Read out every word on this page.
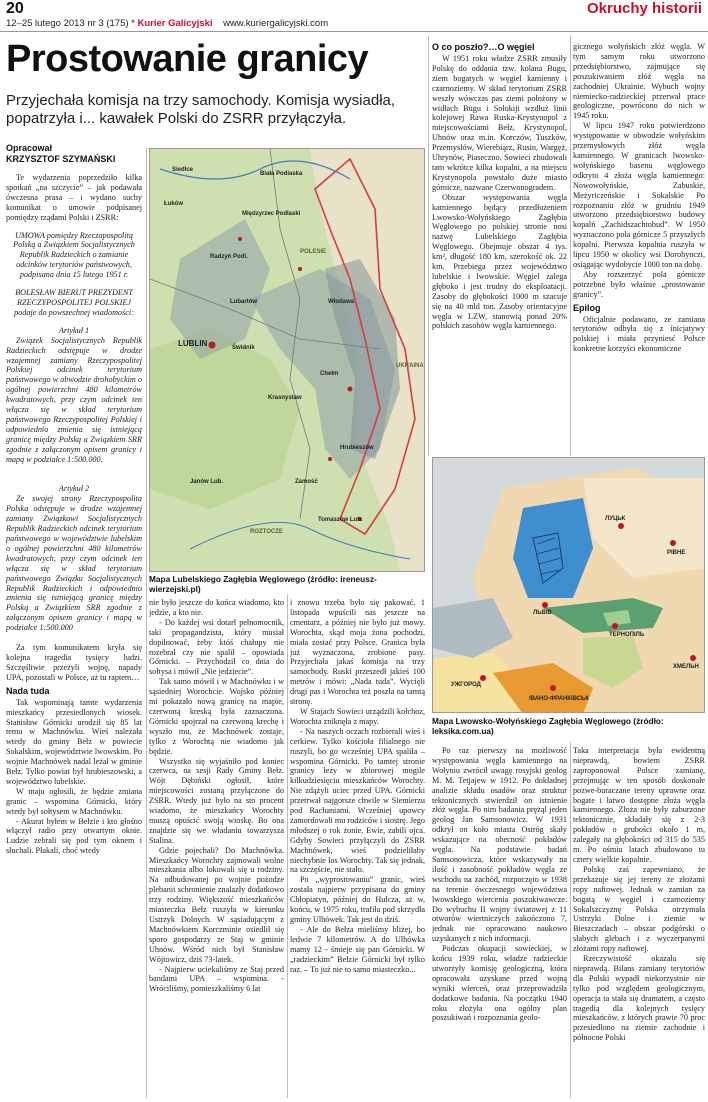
20
12–25 lutego 2013 nr 3 (175) * Kurier Galicyjski www.kuriergalicyjski.com
Okruchy historii
Prostowanie granicy
Przyjechała komisja na trzy samochody. Komisja wysiadła, popatrzyła i... kawałek Polski do ZSRR przyłączyła.
Opracował
KRZYSZTOF SZYMAŃSKI

Te wydarzenia poprzedziło kilka spotkań „na szczycie” – jak podawała ówczesna prasa – i wydano suchy komunikat o umowie podpisanej pomiędzy rządami Polski i ZSRR:

UMOWA pomiędzy Rzeczapospolitą Polską a Związkiem Socjalistycznych Republik Radzieckich o zamianie odcinków terytoriów państwowych, podpisana dnia 15 lutego 1951 r.

BOLESŁAW BIERUT PREZYDENT RZECZYPOSPOLITEJ POLSKIEJ podaje do powszechnej wiadomości:

Artykuł 1

Związek Socjalistycznych Republik Radzieckich odstępuje w drodze wzajemnej zamiany Rzeczypospolitej Polskiej odcinek terytorium państwowego w obwodzie drohobyckim o ogólnej powierzchni 480 kilometrów kwadratowych, przy czym odcinek ten włącza się w skład terytorium państwowego Rzeczypospolitej Polskiej i odpowiednio zmienia się istniejącą granicę między Polską a Związkiem SRR zgodnie z załączonym opisem granicy i mapą w podziałce 1:500.000.

Artykuł 2

Ze swojej strony Rzeczypospolita Polska odstępuje w drodze wzajemnej zamiany Związkowi Socjalistycznych Republik Radzieckich odcinek terytorium państwowego w województwie lubelskim o ogólnej powierzchni 480 kilometrów kwadratowych, przy czym odcinek ten włącza się w skład terytorium państwowego Związku Socjalistycznych Republik Radzieckich i odpowiednio zmienia się istniejącą granicę między Polską a Związkiem SRR zgodnie z załączonym opisem granicy i mapą w podziałce 1:500.000

Za tym komunikatem kryła się kolejna tragedia tysięcy ludzi. Szczęśliwie przeżyli wojnę, napady UPA, pozostali w Polsce, aż tu raptem…

Nada tuda

Tak wspominają tamte wydarzenia mieszkańcy przesiedlonych wiosek. Stanisław Górnicki urodził się 85 lat temu w Machnówku. Wieś należała wtedy do gminy Bełz w powiecie Sokalskim, województwie lwowskim. Po wojnie Machnówek nadal leżał w gminie Bełz. Tylko powiat był hrubieszowski, a województwo lubelskie.

W maju ogłosili, że będzie zmiana granic – wspomina Górnicki, który wtedy był sołtysem w Machnówku.

- Akurat byłem w Bełzie i kto głośno włączył radio przy otwartym oknie. Ludzie zebrali się pod tym oknem i słuchali. Płakali, choć wtedy

Siedlce
Biała Podlaska
Łuków
Międzyrzec Podlaski
Radzyń Podl.
Włodawa
Lubartów
LUBLIN	Świdnik
Chełm
Krasnystaw
Janów Lub.	Zamość
Hrubieszów
Tomaszów Lub.
UKRAINA
POLESIE
ROZTOCZE
Mapa Lubelskiego Zagłębia Węglowego (źródło: ireneusz-wierzejski.pl)

nie było jeszcze do końca wiadomo, kto jedzie, a kto nie.

- Do każdej wsi dotarł pełnomocnik, taki propagandzista, który musiał dopilnować, żeby któś chałupy nie rozebrał czy nie spalił – opowiada Górnicki. – Przychodził co dnia do sołtysa i mówił „Nie jedziecie”.

Tak samo mówił i w Machnówku i w sąsiedniej Worochcie. Wojsko później mi pokazało nową granicę na mapie, czerwoną kreską była zaznaczona. Górnicki spojrzał na czerwoną krechę i wyszło mu, że Machnówek zostaje, tylko z Worochtą nie wiadomo jak będzie.

Wszystko się wyjaśniło pod koniec czerwca, na sesji Rady Gminy Bełz. Wójt Dębiński ogłosił, które miejscowości zostaną przyłączone do ZSRR. Wtedy już było na sto procent wiadomo, że mieszkańcy Worochty muszą opuścić swoją wioskę. Bo ona znajdzie się we władaniu towarzysza Stalina.

Gdzie pojechali? Do Machnówka. Mieszkańcy Worochty zajmowali wolne mieszkania albo lokowali się u rodziny. Na odbudowanej po wojnie pożodze plebanii schronienie znalazły dodatkowo trzy rodziny. Większość mieszkańców miasteczka Bełz ruszyła w kierunku Ustrzyk Dolnych. W sąsiadującym z Machnówkiem Korczminie osiedlił się sporo gospodarzy ze Staj w gminie Uhnów. Wśród nich był Stanisław Wójtowicz, dziś 73-latek.

- Najpierw uciekaliśmy ze Staj przed bandami UPA – wspomina. - Wróciliśmy, pomieszkaliśmy 6 lat

i znowu trzeba było się pakować. 1 listopada wpuścili nas jeszcze na cmentarz, a później nie było już mowy. Worochta, skąd moja żona pochodzi, miała zostać przy Polsce. Granica była już wyznaczona, zrobione pasy. Przyjechała jakaś komisja na trzy samochody. Ruski przeszedł jakieś 100 metrów i mówi: „Nada tuda”. Wycięli drugi pas i Worochta też poszła na tamtą stronę.

W Stajach Sowieci urządzili kołchoz, Worochta zniknęła z mapy.

- Na naszych oczach rozbierali wieś i cerkiew. Tylko kościoła filialnego nie ruszyli, bo go wcześniej UPA spaliła – wspomina Górnicki. Po tamtej stronie granicy leży w zbiorowej mogile kilkudziesięciu mieszkańców Worochty. Nie zdążyli uciec przed UPA. Górnicki przetrwał najgorsze chwile w Siemierzu pod Rachaniami. Wcześniej upowcy zamordowali mu rodziców i siostrę. Jego młodszej o rok żonie, Ewie, zabili ojca. Gdyby Sowieci przyłączyli do ZSRR Machnówek, wieś podzieliłaby niechybnie los Worochty. Tak się jednak, na szczęście, nie stało.

Po „wyprostowaniu” granic, wieś została najpierw przypisana do gminy Chłopiatyn, później do Hulcza, aż w, końcu, w 1975 roku, trafiła pod skrzydła gminy Ulhówek. Tak jest do dziś.

- Ale do Bełza mieliśmy bliżej, bo ledwie 7 kilometrów. A do Ulhówka mamy 12 - śmieje się pan Górnicki. W „radzieckim” Bełzie Górnicki był tylko raz. – To już nie to samo miasteczko...

O co poszło?…O węgiel

W 1951 roku władze ZSRR zmusiły Polskę do oddania tzw. kolana Bugu, ziem bogatych w węgiel kamienny i czarnoziemy. W skład terytorium ZSRR weszły wówczas pas ziemi położony w widłach Bugu i Sołokiji wzdłuż linii kolejowej Rawa Ruska-Krystynopol z miejscowościami Bełz, Krystynopol, Uhnów oraz m.in. Korczów, Tuszków, Przemysłów, Wierebiąrz, Rusin, Wargęż, Uhrynów, Piaseczno. Sowieci zbudowali tam wkrótce kilka kopalni, a na miejscu Krystynopola powstało duże miasto górnicze, nazwane Czerwonogradem.

Obszar występowania węgla kamiennego będący przedłużeniem Lwowsko-Wołyńskiego Zagłębia Węglowego po polskiej stronie nosi nazwę Lubelskiego Zagłębia Węglowego. Obejmuje obszar 4 tys. km², długość 180 km, szerokość ok. 22 km. Przebiega przez województwo lubelskie i lwowskie. Węgiel zalega głęboko i jest trudny do eksploatacji. Zasoby do głębokości 1000 m szacuje się na 40 mld ton. Zasoby orientacyjne węgla w LZW, stanowią ponad 20% polskich zasobów węgla kamiennego.

gicznego wołyńskich złóż węgla. W tym samym roku utworzono przedsiębiorstwo, zajmujące się poszukiwaniem złóż węgla na zachodniej Ukrainie. Wybuch wojny niemiecko-radzieckiej przerwał prace geologiczne, powrócono do nich w 1945 roku.

W lipcu 1947 roku potwierdzono występowanie w obwodzie wołyńskim przemysłowych złóż węgla kamiennego. W granicach lwowsko-wołyńskiego basenu węglowego odkryto 4 złoża węgla kamiennego: Nowowołyńskie, Zabuskie, Meżyriczeńskie i Sokalskie Po rozpoznaniu złóż w grudniu 1949 utworzono przedsiębiorstwo budowy kopalń „Zachidszachtobud”. W 1950 wyznaczono pola górnicze 5 przyszłych kopalni. Pierwsza kopalnia ruszyła w lipcu 1950 w okolicy wsi Dorohynczi, osiągając wydobycie 1000 ton na dobę.

Aby rozszerzyć pola górnicze potrzebne było właśnie „prostowanie granicy”.

Epilog

Oficjalnie podawano, ze zamiana terytoriów odbyła się z inicjatywy polskiej i miała przyniesć Polsce konkretne korzyści ekonomiczne

ЛУЦЬК
РІВНЕ
ЛЬВІВ
ТЕРНОПІЛЬ
ХМЕЛЬН
УЖГОРОД
ІВАНО-ФРАНКІВСЬК
Mapa Lwowsko-Wołyńskiego Zagłębia Węglowego (źródło: leksika.com.ua)

Po raz pierwszy na możliwość występowania węgla kamiennego na Wołyniu zwrócił uwagę rosyjski geolog M. M. Tetjajew w 1912. Po dokładnej analizie składu osadów oraz struktur tektonicznych stwierdził on istnienie złóż węgla. Po nim badania prężąl jeden geolog Jan Samsonowicz. W 1931 odkrył on koło miasta Ostróg skały wskazujące na obecność pokładów węgla. Na podstawie badań Samsonowicza, które wskazywały na ilość i zasobność pokładów węgla ze wschodu na zachód, rozpoczęto w 1938 na terenie ówczesnego województwa lwowskiego wiercenia poszukiwawcze. Do wybuchu II wojny światowej z 11 otworów wiertniczych zakończono 7, jednak nie opracowano naukowo uzyskanych z nich informacji.

Podczas okupacji sowieckiej, w końcu 1939 roku, władze radzieckie utworzyły komisję geologiczną, która opracowała uzyskane przed wojną wyniki wierceń, oraz przeprowadziła dodatkowe badania. Na początku 1940 roku złożyła ona ogólny plan poszukiwań i rozpoznania geolo-

Taka interpretacja była ewidentną nieprawdą, bowiem ZSRR zaproponował Polsce zamianę, przejmując w ten sposób doskonałe pozwe-buraczane tereny uprawne oraz bogate i łatwo dostępne złoża węgla kamiennego. Złoża nie były zaburzone tektonicznie, składały się z 2-3 pokładów o grubości około 1 m, zalegały na głębokości od 315 do 535 m. Po ośmiu latach zbudowano tu cztery wielkie kopalnie.

Polskę zaś zapewniano, że przekazuje się jej tereny ze złożami ropy naftowej. Jednak w zamian za bogatą w węgiel i czarnoziemy Sokalszczyznę Polska otrzymała Ustrzyki Dolne i ziemie w Bieszczadach – obszar podgórski o słabych glebach i z wyczerpanymi złożami ropy naftowej.

Rzeczywistość okazała się nieprawdą. Bilans zamiany terytoriów dla Polski wypadł niekorzystnie nie tylko pod względem geologicznym, operacja ta stała się dramatem, a często tragedią dla kolejnych tysięcy mieszkańców, z których prawie 70 proc przesiedlono na ziemie zachodnie i północne Polski
